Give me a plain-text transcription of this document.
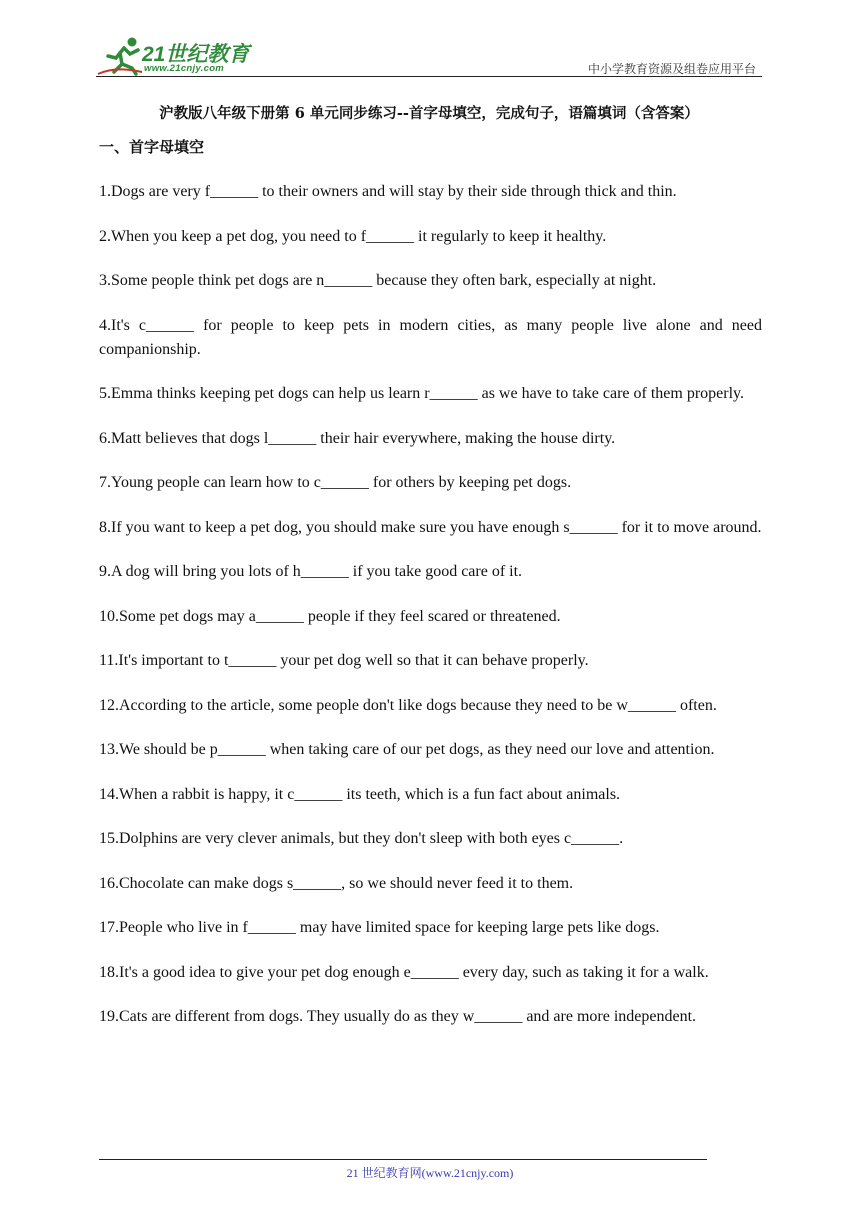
21世纪教育
www.21cnjy.com	中小学教育资源及组卷应用平台
沪教版八年级下册第 6 单元同步练习--首字母填空，完成句子，语篇填词（含答案）
一、首字母填空
1.Dogs are very f______ to their owners and will stay by their side through thick and thin.
2.When you keep a pet dog, you need to f______ it regularly to keep it healthy.
3.Some people think pet dogs are n______ because they often bark, especially at night.
4.It's c______ for people to keep pets in modern cities, as many people live alone and need companionship.
5.Emma thinks keeping pet dogs can help us learn r______ as we have to take care of them properly.
6.Matt believes that dogs l______ their hair everywhere, making the house dirty.
7.Young people can learn how to c______ for others by keeping pet dogs.
8.If you want to keep a pet dog, you should make sure you have enough s______ for it to move around.
9.A dog will bring you lots of h______ if you take good care of it.
10.Some pet dogs may a______ people if they feel scared or threatened.
11.It's important to t______ your pet dog well so that it can behave properly.
12.According to the article, some people don't like dogs because they need to be w______ often.
13.We should be p______ when taking care of our pet dogs, as they need our love and attention.
14.When a rabbit is happy, it c______ its teeth, which is a fun fact about animals.
15.Dolphins are very clever animals, but they don't sleep with both eyes c______.
16.Chocolate can make dogs s______, so we should never feed it to them.
17.People who live in f______ may have limited space for keeping large pets like dogs.
18.It's a good idea to give your pet dog enough e______ every day, such as taking it for a walk.
19.Cats are different from dogs. They usually do as they w______ and are more independent.
21 世纪教育网(www.21cnjy.com)
